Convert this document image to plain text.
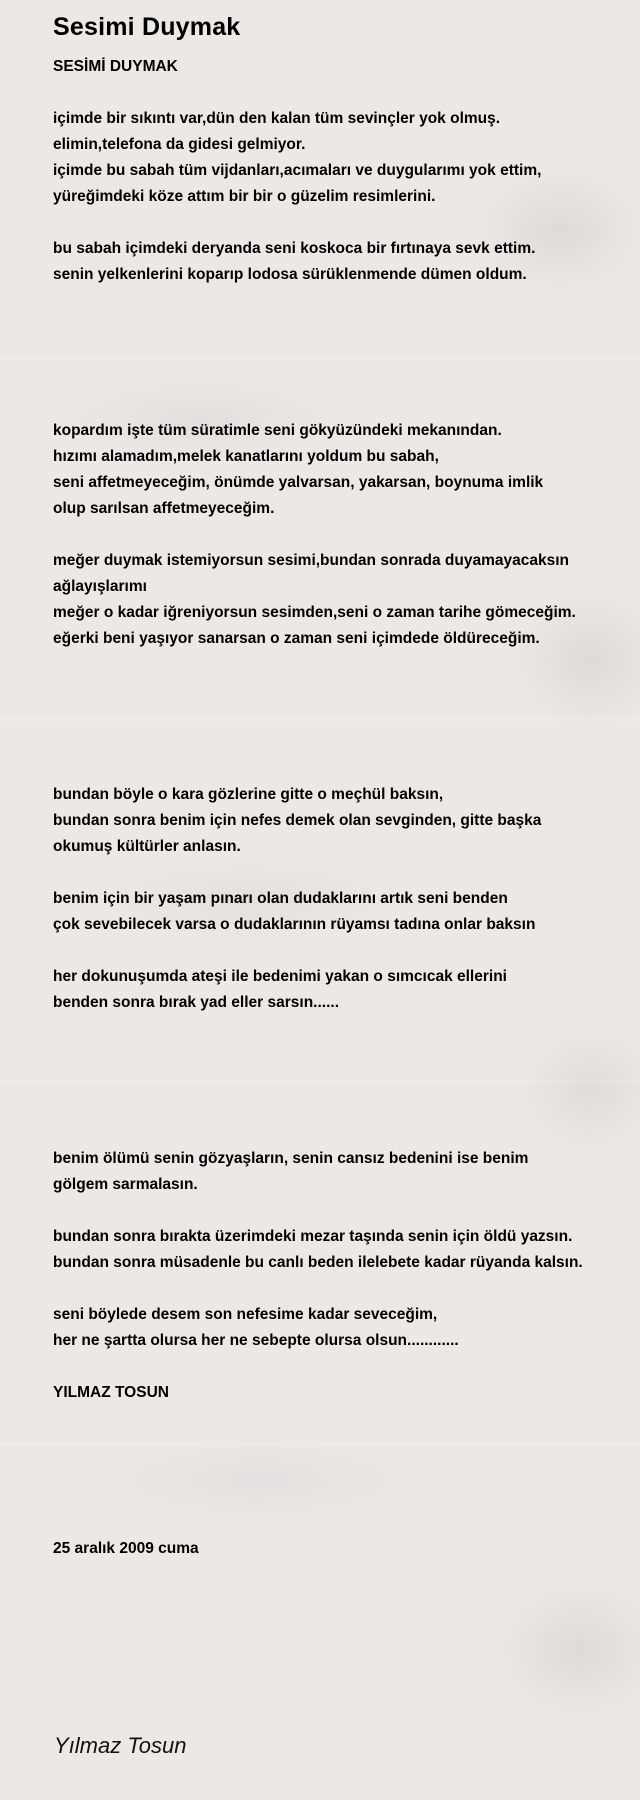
Sesimi Duymak
SESİMİ DUYMAK
içimde bir sıkıntı var,dün den kalan tüm sevinçler yok olmuş.
elimin,telefona da gidesi gelmiyor.
içimde bu sabah tüm vijdanları,acımaları ve duygularımı yok ettim,
yüreğimdeki köze attım bir bir o güzelim resimlerini.
bu sabah içimdeki deryanda seni koskoca bir fırtınaya sevk ettim.
senin yelkenlerini koparıp lodosa sürüklenmende dümen oldum.
kopardım işte tüm süratimle seni gökyüzündeki mekanından.
hızımı alamadım,melek kanatlarını yoldum bu sabah,
seni affetmeyeceğim, önümde yalvarsan, yakarsan, boynuma imlik
olup sarılsan affetmeyeceğim.
meğer duymak istemiyorsun sesimi,bundan sonrada duyamayacaksın
ağlayışlarımı
meğer o kadar iğreniyorsun sesimden,seni o zaman tarihe gömeceğim.
eğerki beni yaşıyor sanarsan o zaman seni içimdede öldüreceğim.
bundan böyle o kara gözlerine gitte o meçhül baksın,
bundan sonra benim için nefes demek olan sevginden, gitte başka
okumuş kültürler anlasın.
benim için bir yaşam pınarı olan dudaklarını artık seni benden
çok sevebilecek varsa o dudaklarının rüyamsı tadına onlar baksın
her dokunuşumda ateşi ile bedenimi yakan o sımcıcak ellerini
benden sonra bırak yad eller sarsın......
benim ölümü senin gözyaşların, senin cansız bedenini ise benim
gölgem sarmalasın.
bundan sonra bırakta üzerimdeki mezar taşında senin için öldü yazsın.
bundan sonra müsadenle bu canlı beden ilelebete kadar rüyanda kalsın.
seni böylede desem son nefesime kadar seveceğim,
her ne şartta olursa her ne sebepte olursa olsun............
YILMAZ TOSUN
25 aralık 2009 cuma
Yılmaz Tosun
